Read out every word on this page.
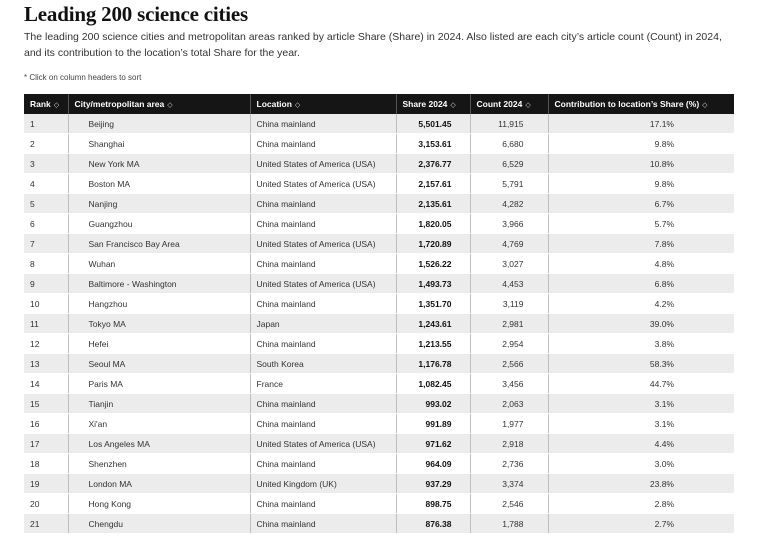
Leading 200 science cities
The leading 200 science cities and metropolitan areas ranked by article Share (Share) in 2024. Also listed are each city’s article count (Count) in 2024, and its contribution to the location’s total Share for the year.
* Click on column headers to sort
Rank ◇	City/metropolitan area ◇	Location ◇	Share 2024 ◇	Count 2024 ◇	Contribution to location’s Share (%) ◇
1	Beijing	China mainland	5,501.45	11,915	17.1%
2	Shanghai	China mainland	3,153.61	6,680	9.8%
3	New York MA	United States of America (USA)	2,376.77	6,529	10.8%
4	Boston MA	United States of America (USA)	2,157.61	5,791	9.8%
5	Nanjing	China mainland	2,135.61	4,282	6.7%
6	Guangzhou	China mainland	1,820.05	3,966	5.7%
7	San Francisco Bay Area	United States of America (USA)	1,720.89	4,769	7.8%
8	Wuhan	China mainland	1,526.22	3,027	4.8%
9	Baltimore - Washington	United States of America (USA)	1,493.73	4,453	6.8%
10	Hangzhou	China mainland	1,351.70	3,119	4.2%
11	Tokyo MA	Japan	1,243.61	2,981	39.0%
12	Hefei	China mainland	1,213.55	2,954	3.8%
13	Seoul MA	South Korea	1,176.78	2,566	58.3%
14	Paris MA	France	1,082.45	3,456	44.7%
15	Tianjin	China mainland	993.02	2,063	3.1%
16	Xi'an	China mainland	991.89	1,977	3.1%
17	Los Angeles MA	United States of America (USA)	971.62	2,918	4.4%
18	Shenzhen	China mainland	964.09	2,736	3.0%
19	London MA	United Kingdom (UK)	937.29	3,374	23.8%
20	Hong Kong	China mainland	898.75	2,546	2.8%
21	Chengdu	China mainland	876.38	1,788	2.7%
